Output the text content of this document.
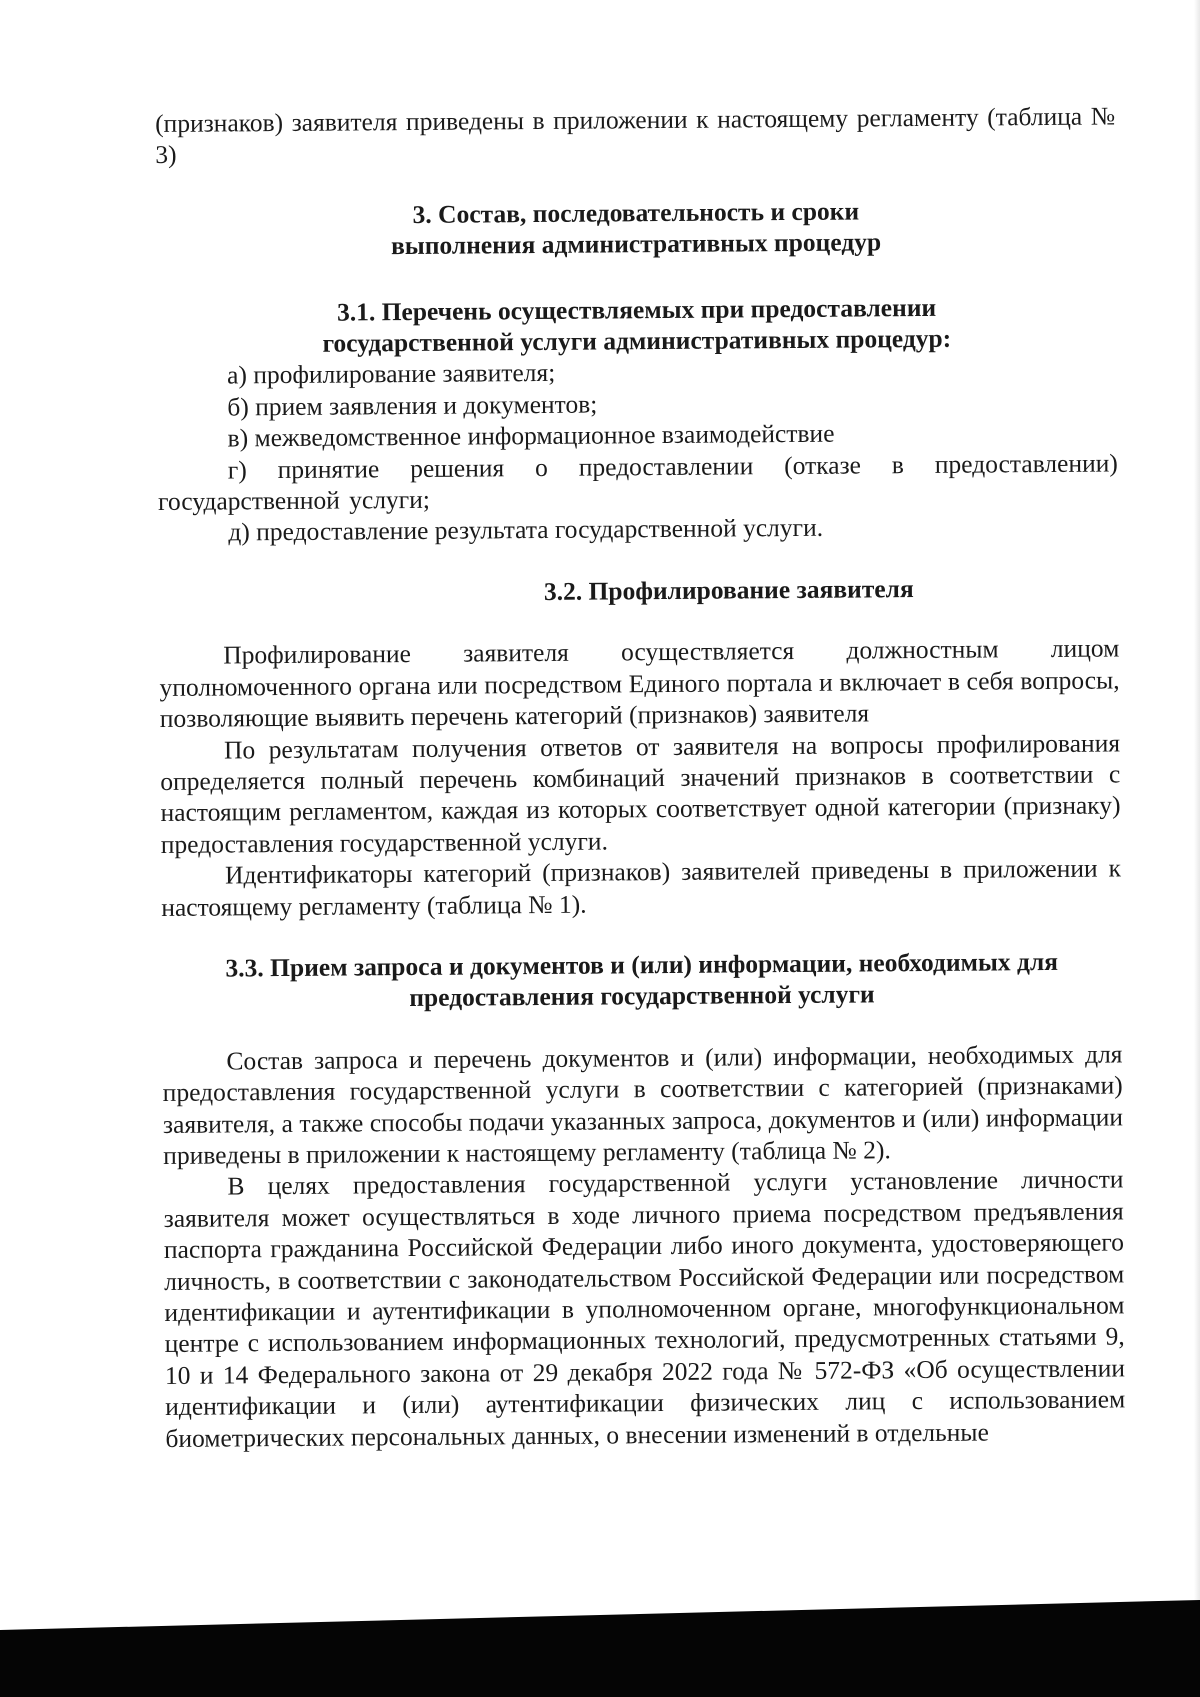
(признаков) заявителя приведены в приложении к настоящему регламенту (таблица № 3)

3. Состав, последовательность и сроки
выполнения административных процедур
3.1. Перечень осуществляемых при предоставлении
государственной услуги административных процедур:

а) профилирование заявителя;

б) прием заявления и документов;

в) межведомственное информационное взаимодействие

г) принятие решения о предоставлении (отказе в предоставлении) государственной услуги;

д) предоставление результата государственной услуги.

3.2. Профилирование заявителя

Профилирование заявителя осуществляется должностным лицом уполномоченного органа или посредством Единого портала и включает в себя вопросы, позволяющие выявить перечень категорий (признаков) заявителя

По результатам получения ответов от заявителя на вопросы профилирования определяется полный перечень комбинаций значений признаков в соответствии с настоящим регламентом, каждая из которых соответствует одной категории (признаку) предоставления государственной услуги.

Идентификаторы категорий (признаков) заявителей приведены в приложении к настоящему регламенту (таблица № 1).

3.3. Прием запроса и документов и (или) информации, необходимых для
предоставления государственной услуги

Состав запроса и перечень документов и (или) информации, необходимых для предоставления государственной услуги в соответствии с категорией (признаками) заявителя, а также способы подачи указанных запроса, документов и (или) информации приведены в приложении к настоящему регламенту (таблица № 2).

В целях предоставления государственной услуги установление личности заявителя может осуществляться в ходе личного приема посредством предъявления паспорта гражданина Российской Федерации либо иного документа, удостоверяющего личность, в соответствии с законодательством Российской Федерации или посредством идентификации и аутентификации в уполномоченном органе, многофункциональном центре с использованием информационных технологий, предусмотренных статьями 9, 10 и 14 Федерального закона от 29 декабря 2022 года № 572-ФЗ «Об осуществлении идентификации и (или) аутентификации физических лиц с использованием биометрических персональных данных, о внесении изменений в отдельные
